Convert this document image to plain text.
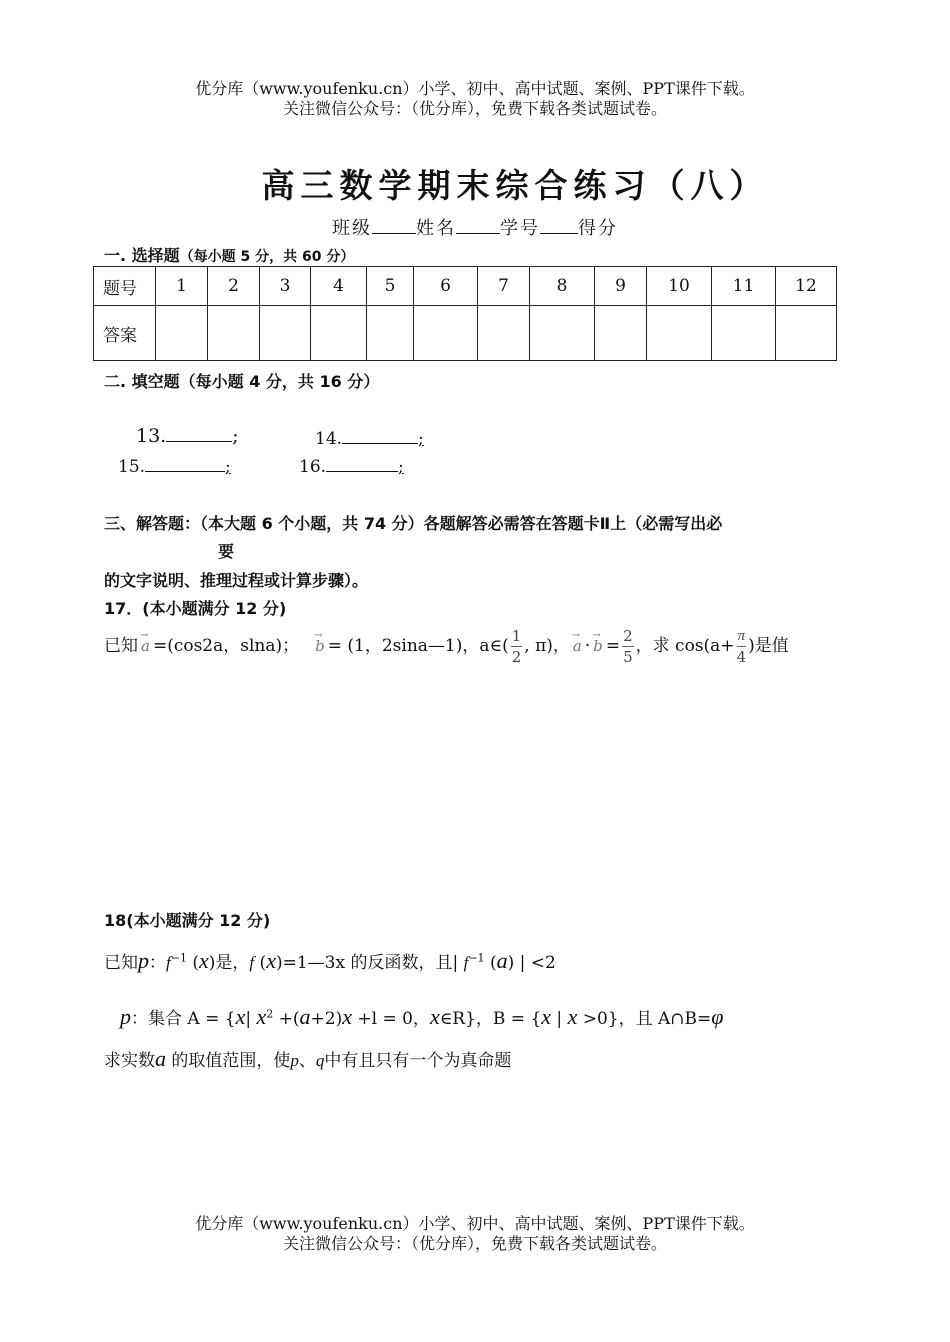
优分库（www.youfenku.cn）小学、初中、高中试题、案例、PPT课件下载。
关注微信公众号：（优分库），免费下载各类试题试卷。
高三数学期末综合练习（八）
班级 姓名 学号 得分
一. 选择题（每小题 5 分，共 60 分）
题号	1	2	3	4	5	6	7	8	9	10	11	12
答案												
二. 填空题（每小题 4 分，共 16 分）
13.	;	14.	;
15.	;	16.	;
三、解答题：（本大题 6 个小题，共 74 分）各题解答必需答在答题卡Ⅱ上（必需写出必
要
的文字说明、推理过程或计算步骤）。
17．(本小题满分 12 分)
已知 → a =(cos2a，slna)； → b = (1，2sina—1)，a∈( $\frac{1}{2}$ , π)， → a · → $b = \frac{2}{5}$ ，求 $\cos(a+ \frac{\pi}{4}$ )是值
18(本小题满分 12 分)
已知p：$f^{-1}$ (x)是，f (x)=1—3x 的反函数，且| $f^{-1}$ (a) | <2
p：集合 A = {x| $x^2 +(a+2)x +l = 0$，x∈R}，B = {x | x >0}，且 A∩B=φ
求实数a 的取值范围，使p、q中有且只有一个为真命题
优分库（www.youfenku.cn）小学、初中、高中试题、案例、PPT课件下载。
关注微信公众号：（优分库），免费下载各类试题试卷。
